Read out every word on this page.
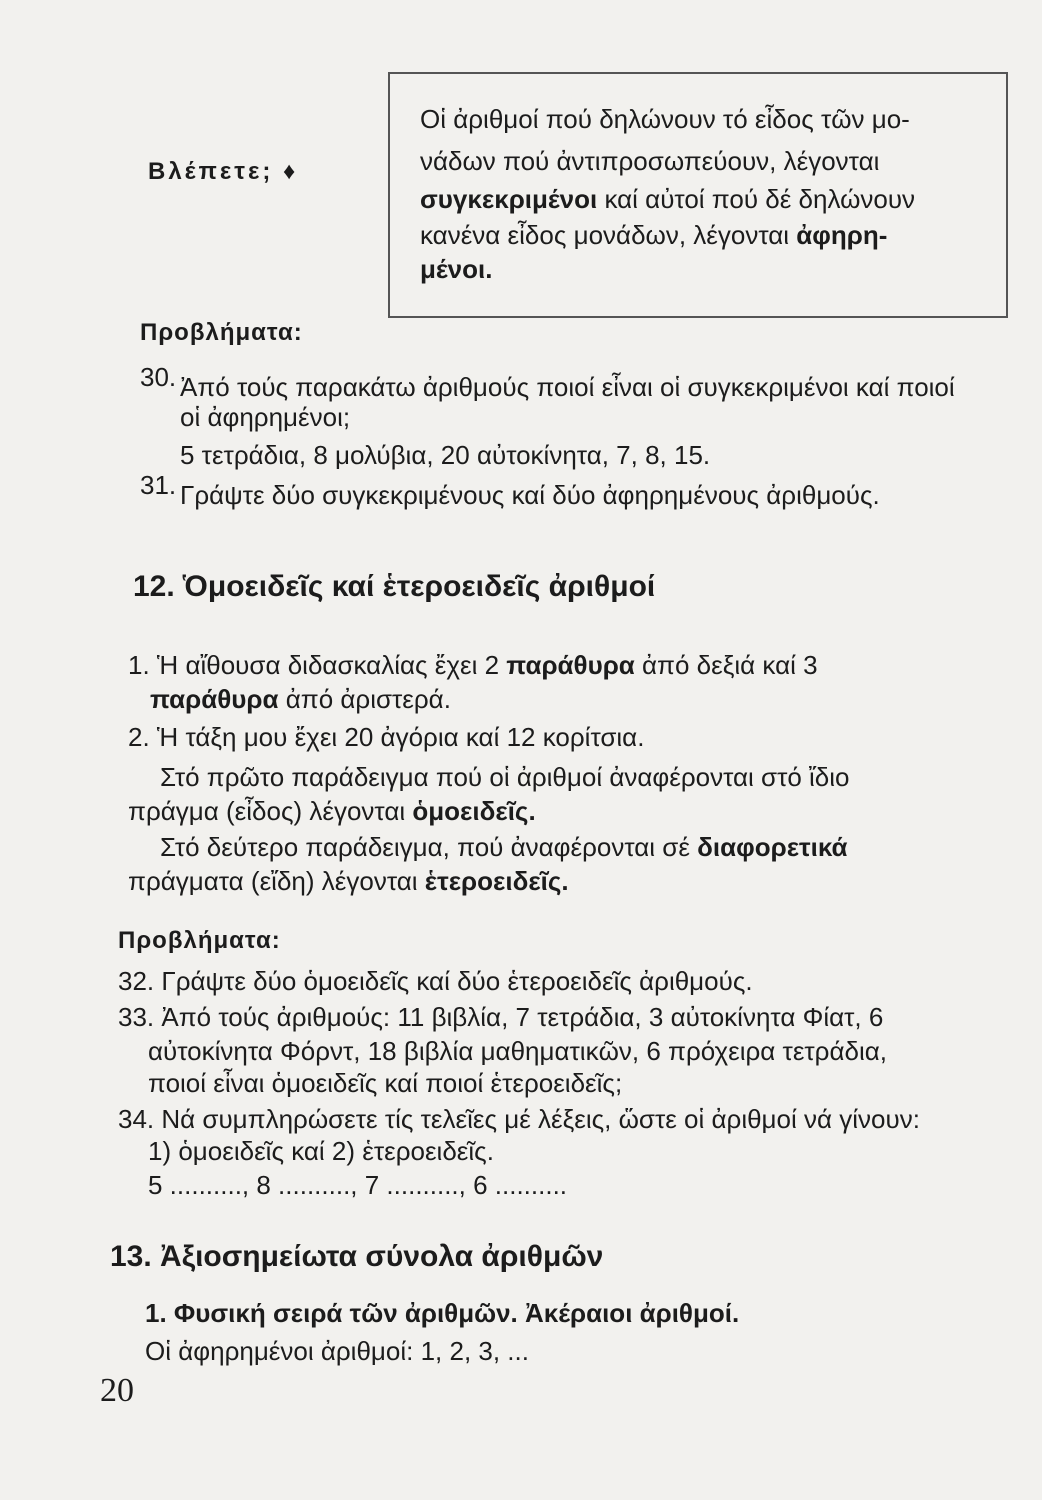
Βλέπετε; ♦
Οἱ ἀριθμοί πού δηλώνουν τό εἶδος τῶν μο-
νάδων πού ἀντιπροσωπεύουν, λέγονται
συγκεκριμένοι καί αὐτοί πού δέ δηλώνουν
κανένα εἶδος μονάδων, λέγονται ἀφηρη-
μένοι.
Προβλήματα:
30. Ἀπό τούς παρακάτω ἀριθμούς ποιοί εἶναι οἱ συγκεκριμένοι καί ποιοί
οἱ ἀφηρημένοι;
5 τετράδια, 8 μολύβια, 20 αὐτοκίνητα, 7, 8, 15.
31. Γράψτε δύο συγκεκριμένους καί δύο ἀφηρημένους ἀριθμούς.
12. Ὁμοειδεῖς καί ἑτεροειδεῖς ἀριθμοί
1. Ἡ αἴθουσα διδασκαλίας ἔχει 2 παράθυρα ἀπό δεξιά καί 3
παράθυρα ἀπό ἀριστερά.
2. Ἡ τάξη μου ἔχει 20 ἀγόρια καί 12 κορίτσια.
Στό πρῶτο παράδειγμα πού οἱ ἀριθμοί ἀναφέρονται στό ἴδιο
πράγμα (εἶδος) λέγονται ὁμοειδεῖς.
Στό δεύτερο παράδειγμα, πού ἀναφέρονται σέ διαφορετικά
πράγματα (εἴδη) λέγονται ἑτεροειδεῖς.
Προβλήματα:
32. Γράψτε δύο ὁμοειδεῖς καί δύο ἑτεροειδεῖς ἀριθμούς.
33. Ἀπό τούς ἀριθμούς: 11 βιβλία, 7 τετράδια, 3 αὐτοκίνητα Φίατ, 6
αὐτοκίνητα Φόρντ, 18 βιβλία μαθηματικῶν, 6 πρόχειρα τετράδια,
ποιοί εἶναι ὁμοειδεῖς καί ποιοί ἑτεροειδεῖς;
34. Νά συμπληρώσετε τίς τελεῖες μέ λέξεις, ὥστε οἱ ἀριθμοί νά γίνουν:
1) ὁμοειδεῖς καί 2) ἑτεροειδεῖς.
5 .........., 8 .........., 7 .........., 6 ..........
13. Ἀξιοσημείωτα σύνολα ἀριθμῶν
1. Φυσική σειρά τῶν ἀριθμῶν. Ἀκέραιοι ἀριθμοί.
Οἱ ἀφηρημένοι ἀριθμοί: 1, 2, 3, ...
20
